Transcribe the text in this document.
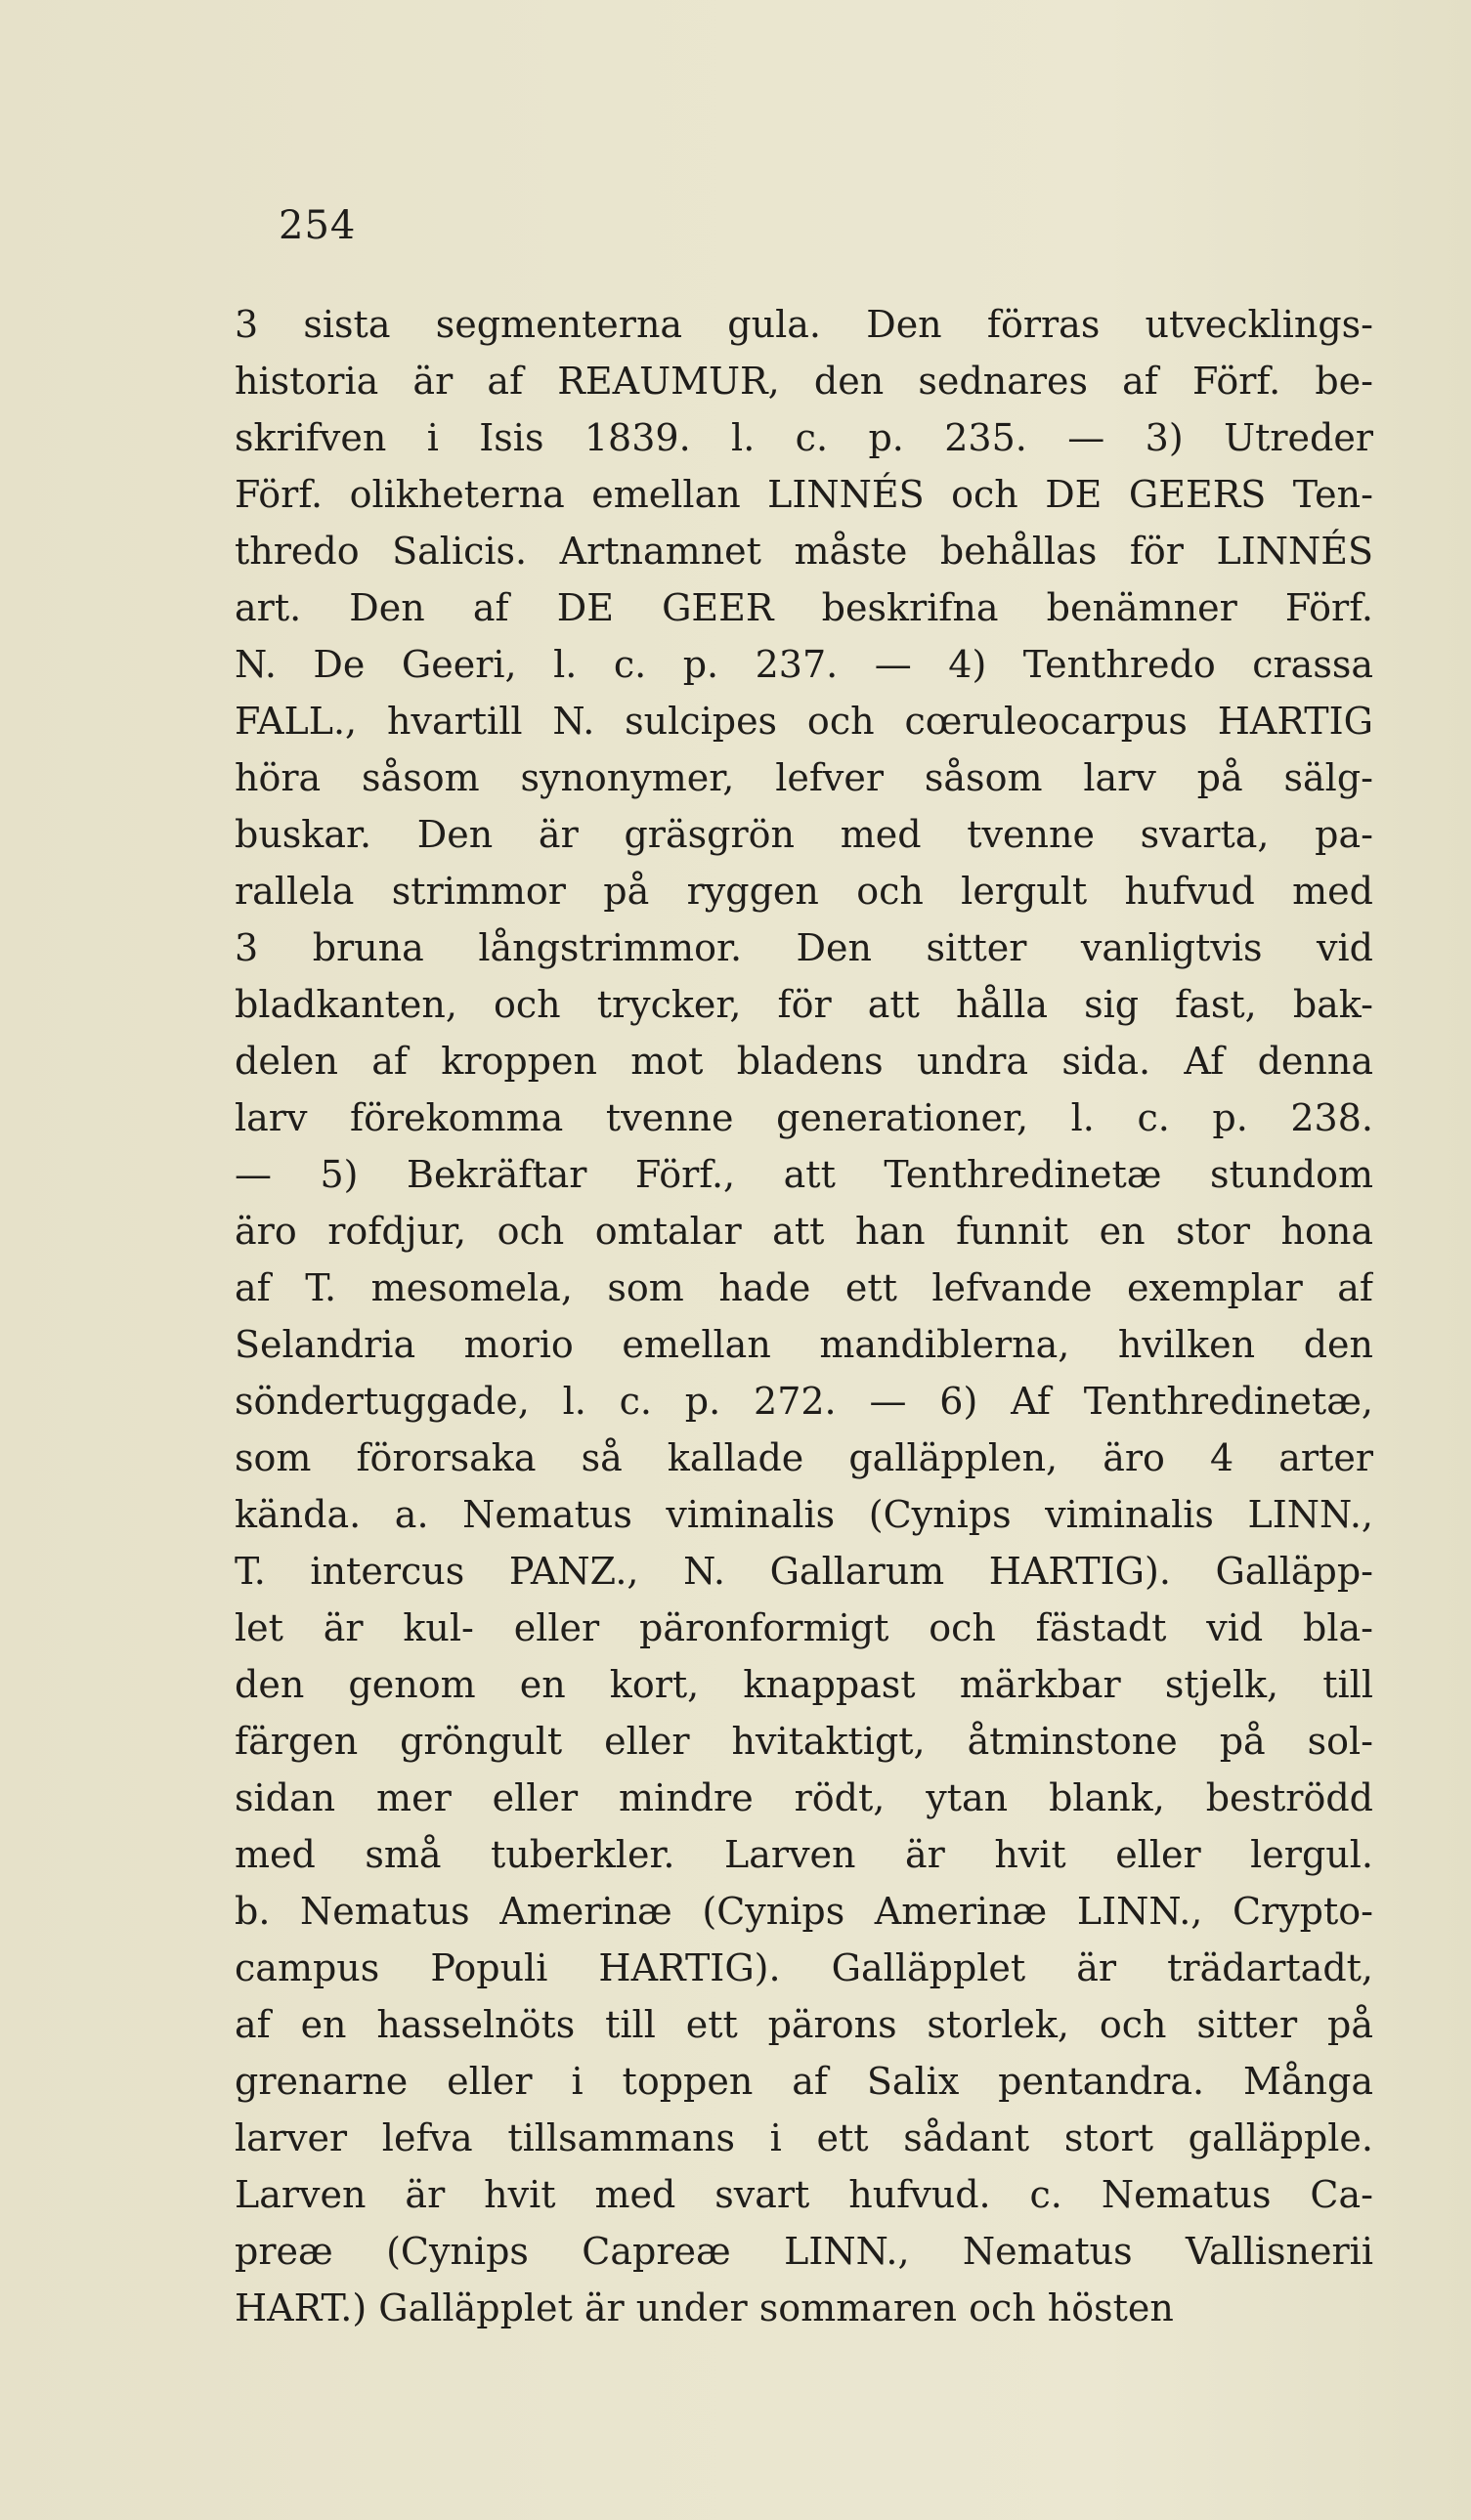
254
3 sista segmenterna gula. Den förras utvecklings-
historia är af REAUMUR, den sednares af Förf. be-
skrifven i Isis 1839. l. c. p. 235. — 3) Utreder
Förf. olikheterna emellan LINNÉS och DE GEERS Ten-
thredo Salicis. Artnamnet måste behållas för LINNÉS
art. Den af DE GEER beskrifna benämner Förf.
N. De Geeri, l. c. p. 237. — 4) Tenthredo crassa
FALL., hvartill N. sulcipes och cœruleocarpus HARTIG
höra såsom synonymer, lefver såsom larv på sälg-
buskar. Den är gräsgrön med tvenne svarta, pa-
rallela strimmor på ryggen och lergult hufvud med
3 bruna långstrimmor. Den sitter vanligtvis vid
bladkanten, och trycker, för att hålla sig fast, bak-
delen af kroppen mot bladens undra sida. Af denna
larv förekomma tvenne generationer, l. c. p. 238.
— 5) Bekräftar Förf., att Tenthredinetæ stundom
äro rofdjur, och omtalar att han funnit en stor hona
af T. mesomela, som hade ett lefvande exemplar af
Selandria morio emellan mandiblerna, hvilken den
söndertuggade, l. c. p. 272. — 6) Af Tenthredinetæ,
som förorsaka så kallade galläpplen, äro 4 arter
kända. a. Nematus viminalis (Cynips viminalis LINN.,
T. intercus PANZ., N. Gallarum HARTIG). Galläpp-
let är kul- eller päronformigt och fästadt vid bla-
den genom en kort, knappast märkbar stjelk, till
färgen gröngult eller hvitaktigt, åtminstone på sol-
sidan mer eller mindre rödt, ytan blank, beströdd
med små tuberkler. Larven är hvit eller lergul.
b. Nematus Amerinæ (Cynips Amerinæ LINN., Crypto-
campus Populi HARTIG). Galläpplet är trädartadt,
af en hasselnöts till ett pärons storlek, och sitter på
grenarne eller i toppen af Salix pentandra. Många
larver lefva tillsammans i ett sådant stort galläpple.
Larven är hvit med svart hufvud. c. Nematus Ca-
preæ (Cynips Capreæ LINN., Nematus Vallisnerii
HART.) Galläpplet är under sommaren och hösten
